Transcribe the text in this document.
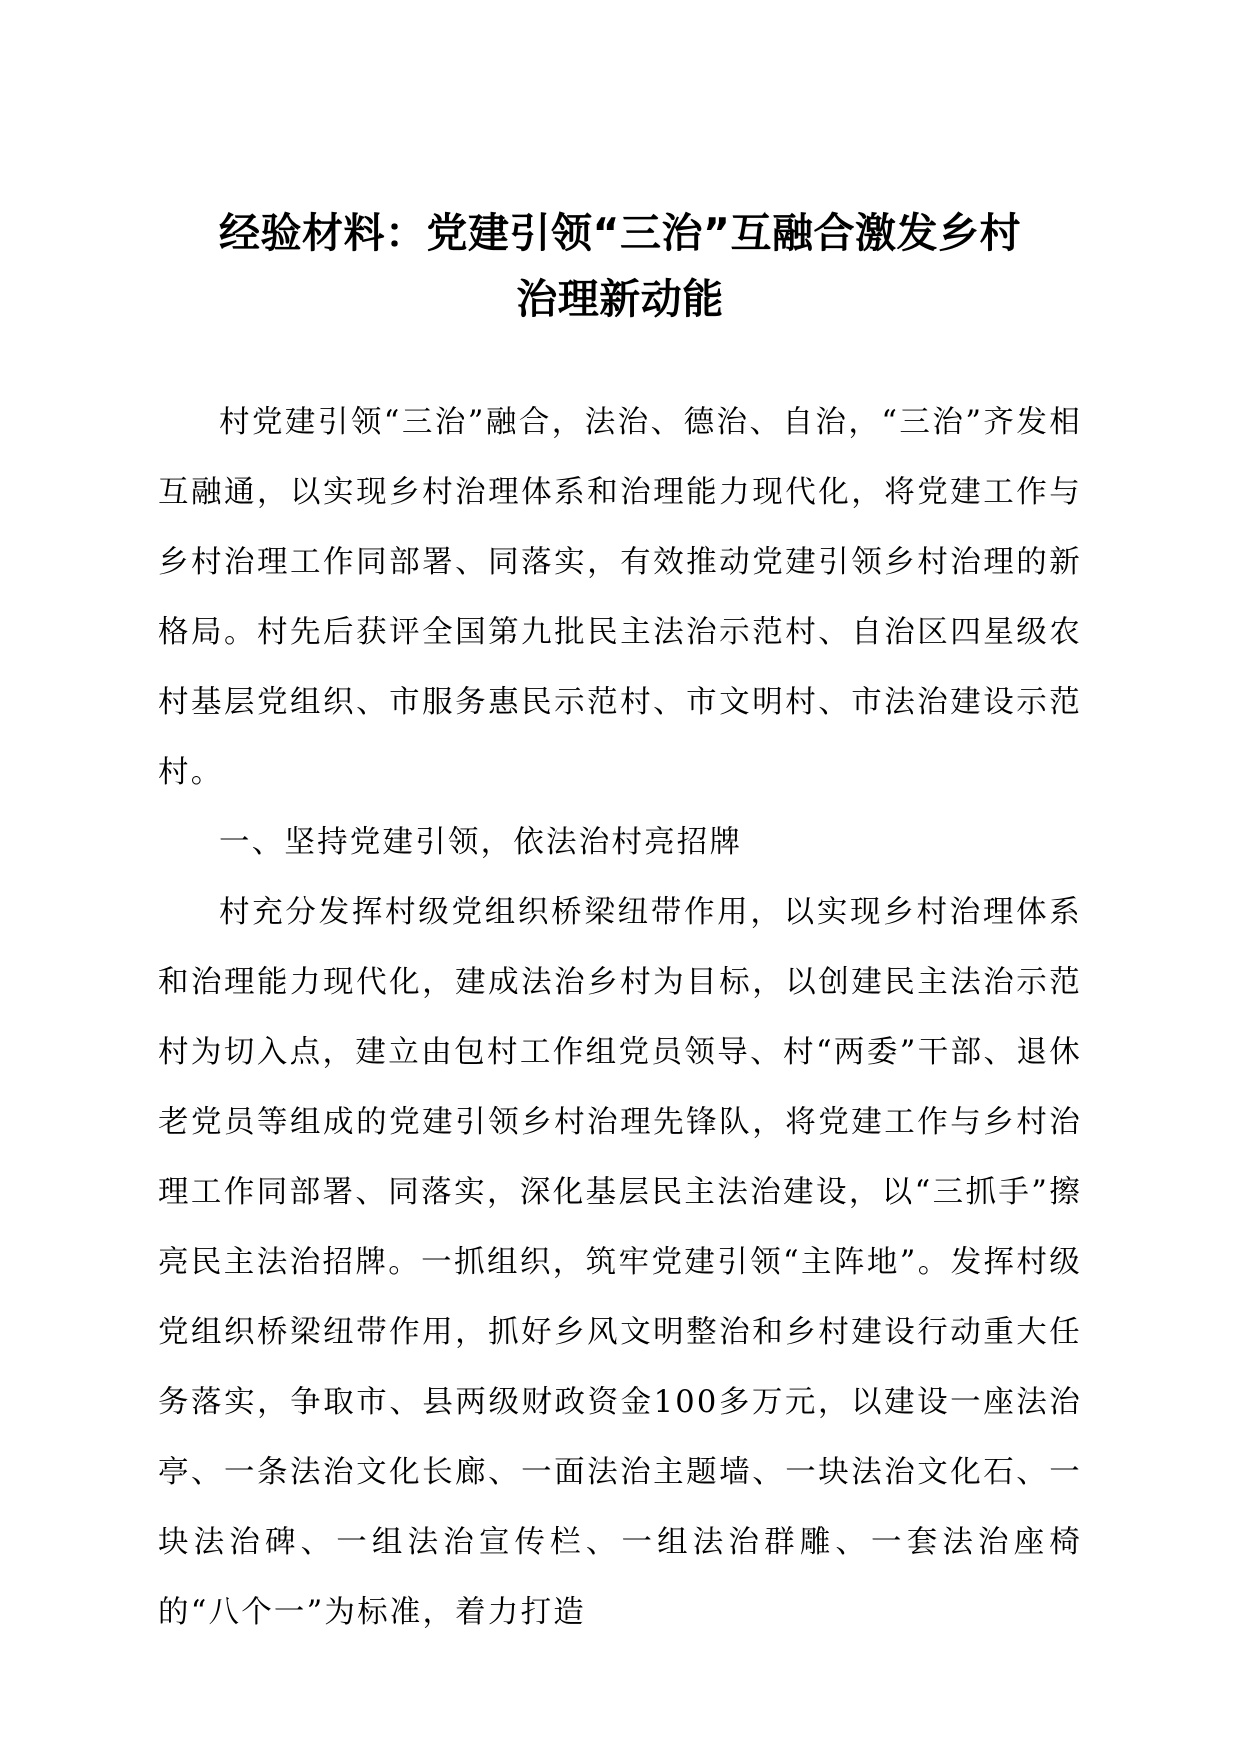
经验材料：党建引领“三治”互融合激发乡村
治理新动能

村党建引领“三治”融合，法治、德治、自治，“三治”齐发相互融通，以实现乡村治理体系和治理能力现代化，将党建工作与乡村治理工作同部署、同落实，有效推动党建引领乡村治理的新格局。村先后获评全国第九批民主法治示范村、自治区四星级农村基层党组织、市服务惠民示范村、市文明村、市法治建设示范村。

一、坚持党建引领，依法治村亮招牌

村充分发挥村级党组织桥梁纽带作用，以实现乡村治理体系和治理能力现代化，建成法治乡村为目标，以创建民主法治示范村为切入点，建立由包村工作组党员领导、村“两委”干部、退休老党员等组成的党建引领乡村治理先锋队，将党建工作与乡村治理工作同部署、同落实，深化基层民主法治建设，以“三抓手”擦亮民主法治招牌。一抓组织，筑牢党建引领“主阵地”。发挥村级党组织桥梁纽带作用，抓好乡风文明整治和乡村建设行动重大任务落实，争取市、县两级财政资金100多万元，以建设一座法治亭、一条法治文化长廊、一面法治主题墙、一块法治文化石、一块法治碑、一组法治宣传栏、一组法治群雕、一套法治座椅的“八个一”为标准，着力打造
